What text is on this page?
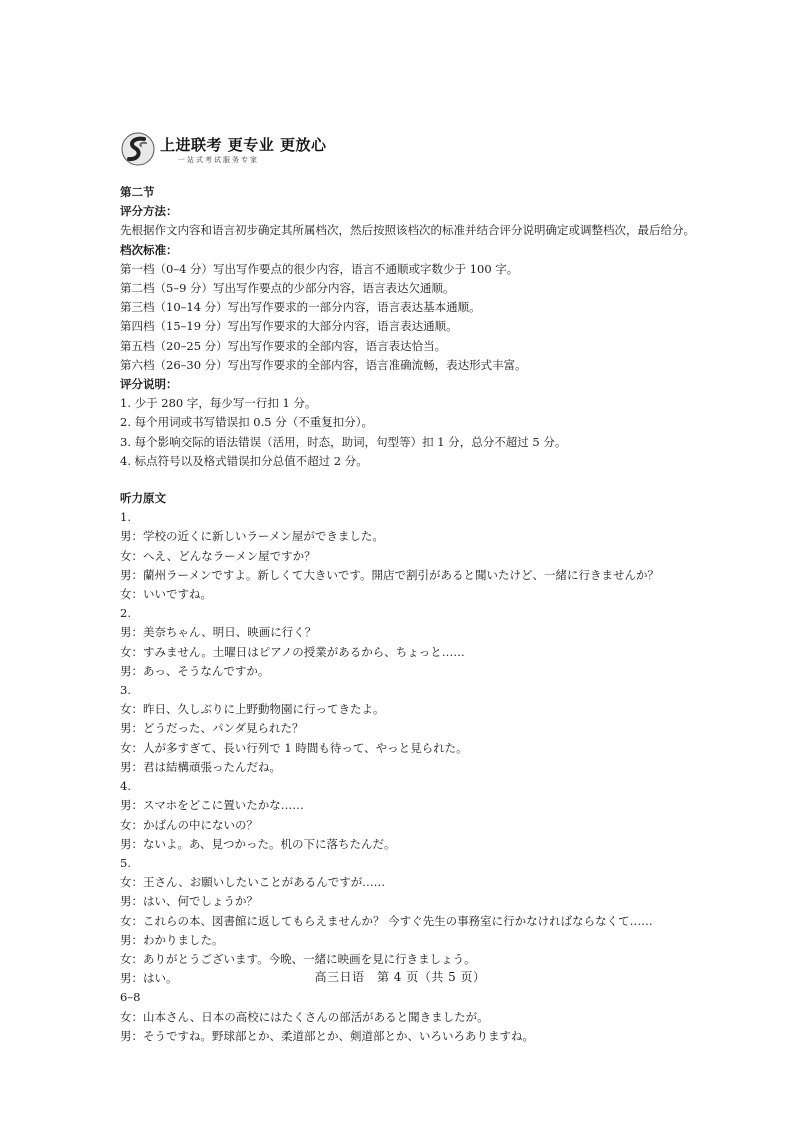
上进联考 更专业 更放心
一站式考试服务专家
第二节
评分方法：
先根据作文内容和语言初步确定其所属档次，然后按照该档次的标准并结合评分说明确定或调整档次，最后给分。
档次标准：
第一档（0–4 分）写出写作要点的很少内容，语言不通顺或字数少于 100 字。
第二档（5–9 分）写出写作要点的少部分内容，语言表达欠通顺。
第三档（10–14 分）写出写作要求的一部分内容，语言表达基本通顺。
第四档（15–19 分）写出写作要求的大部分内容，语言表达通顺。
第五档（20–25 分）写出写作要求的全部内容，语言表达恰当。
第六档（26–30 分）写出写作要求的全部内容，语言准确流畅，表达形式丰富。
评分说明：
1. 少于 280 字，每少写一行扣 1 分。
2. 每个用词或书写错误扣 0.5 分（不重复扣分）。
3. 每个影响交际的语法错误（活用，时态，助词，句型等）扣 1 分，总分不超过 5 分。
4. 标点符号以及格式错误扣分总值不超过 2 分。
听力原文
1.
男：学校の近くに新しいラーメン屋ができました。
女：へえ、どんなラーメン屋ですか？
男：蘭州ラーメンですよ。新しくて大きいです。開店で割引があると聞いたけど、一緒に行きませんか？
女：いいですね。
2.
男：美奈ちゃん、明日、映画に行く？
女：すみません。土曜日はピアノの授業があるから、ちょっと……
男：あっ、そうなんですか。
3.
女：昨日、久しぶりに上野動物園に行ってきたよ。
男：どうだった、パンダ見られた？
女：人が多すぎて、長い行列で 1 時間も待って、やっと見られた。
男：君は結構頑張ったんだね。
4.
男：スマホをどこに置いたかな……
女：かばんの中にないの？
男：ないよ。あ、見つかった。机の下に落ちたんだ。
5.
女：王さん、お願いしたいことがあるんですが……
男：はい、何でしょうか？
女：これらの本、図書館に返してもらえませんか？ 今すぐ先生の事務室に行かなければならなくて……
男：わかりました。
女：ありがとうございます。今晩、一緒に映画を見に行きましょう。
男：はい。
6–8
女：山本さん、日本の高校にはたくさんの部活があると聞きましたが。
男：そうですね。野球部とか、柔道部とか、剣道部とか、いろいろありますね。
高三日语　第 4 页（共 5 页）
